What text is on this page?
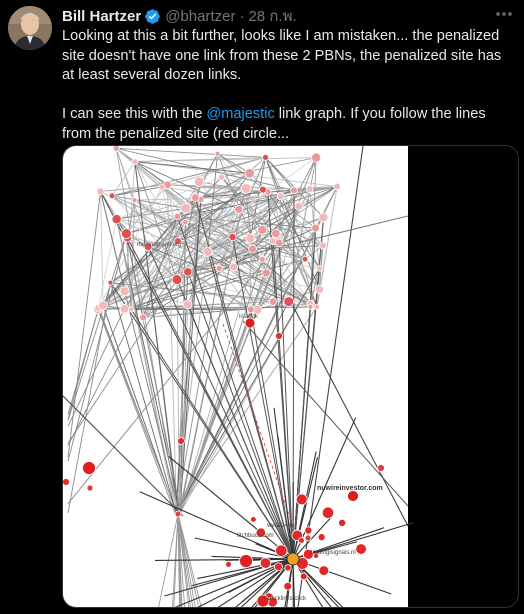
Bill Hartzer @bhartzer · 28 ก.พ.

Looking at this a bit further, looks like I am mistaken... the penalized site doesn't have one link from these 2 PBNs, the penalized site has at least several dozen links.

I can see this with the @majestic link graph. If you follow the lines from the penalized site (red circle...

mainnugsunl.org
lisart.tk
nuwireinvestor.com
wyde24.h
titchbucs.com
tradinglsignals.nl
backlinks.click
